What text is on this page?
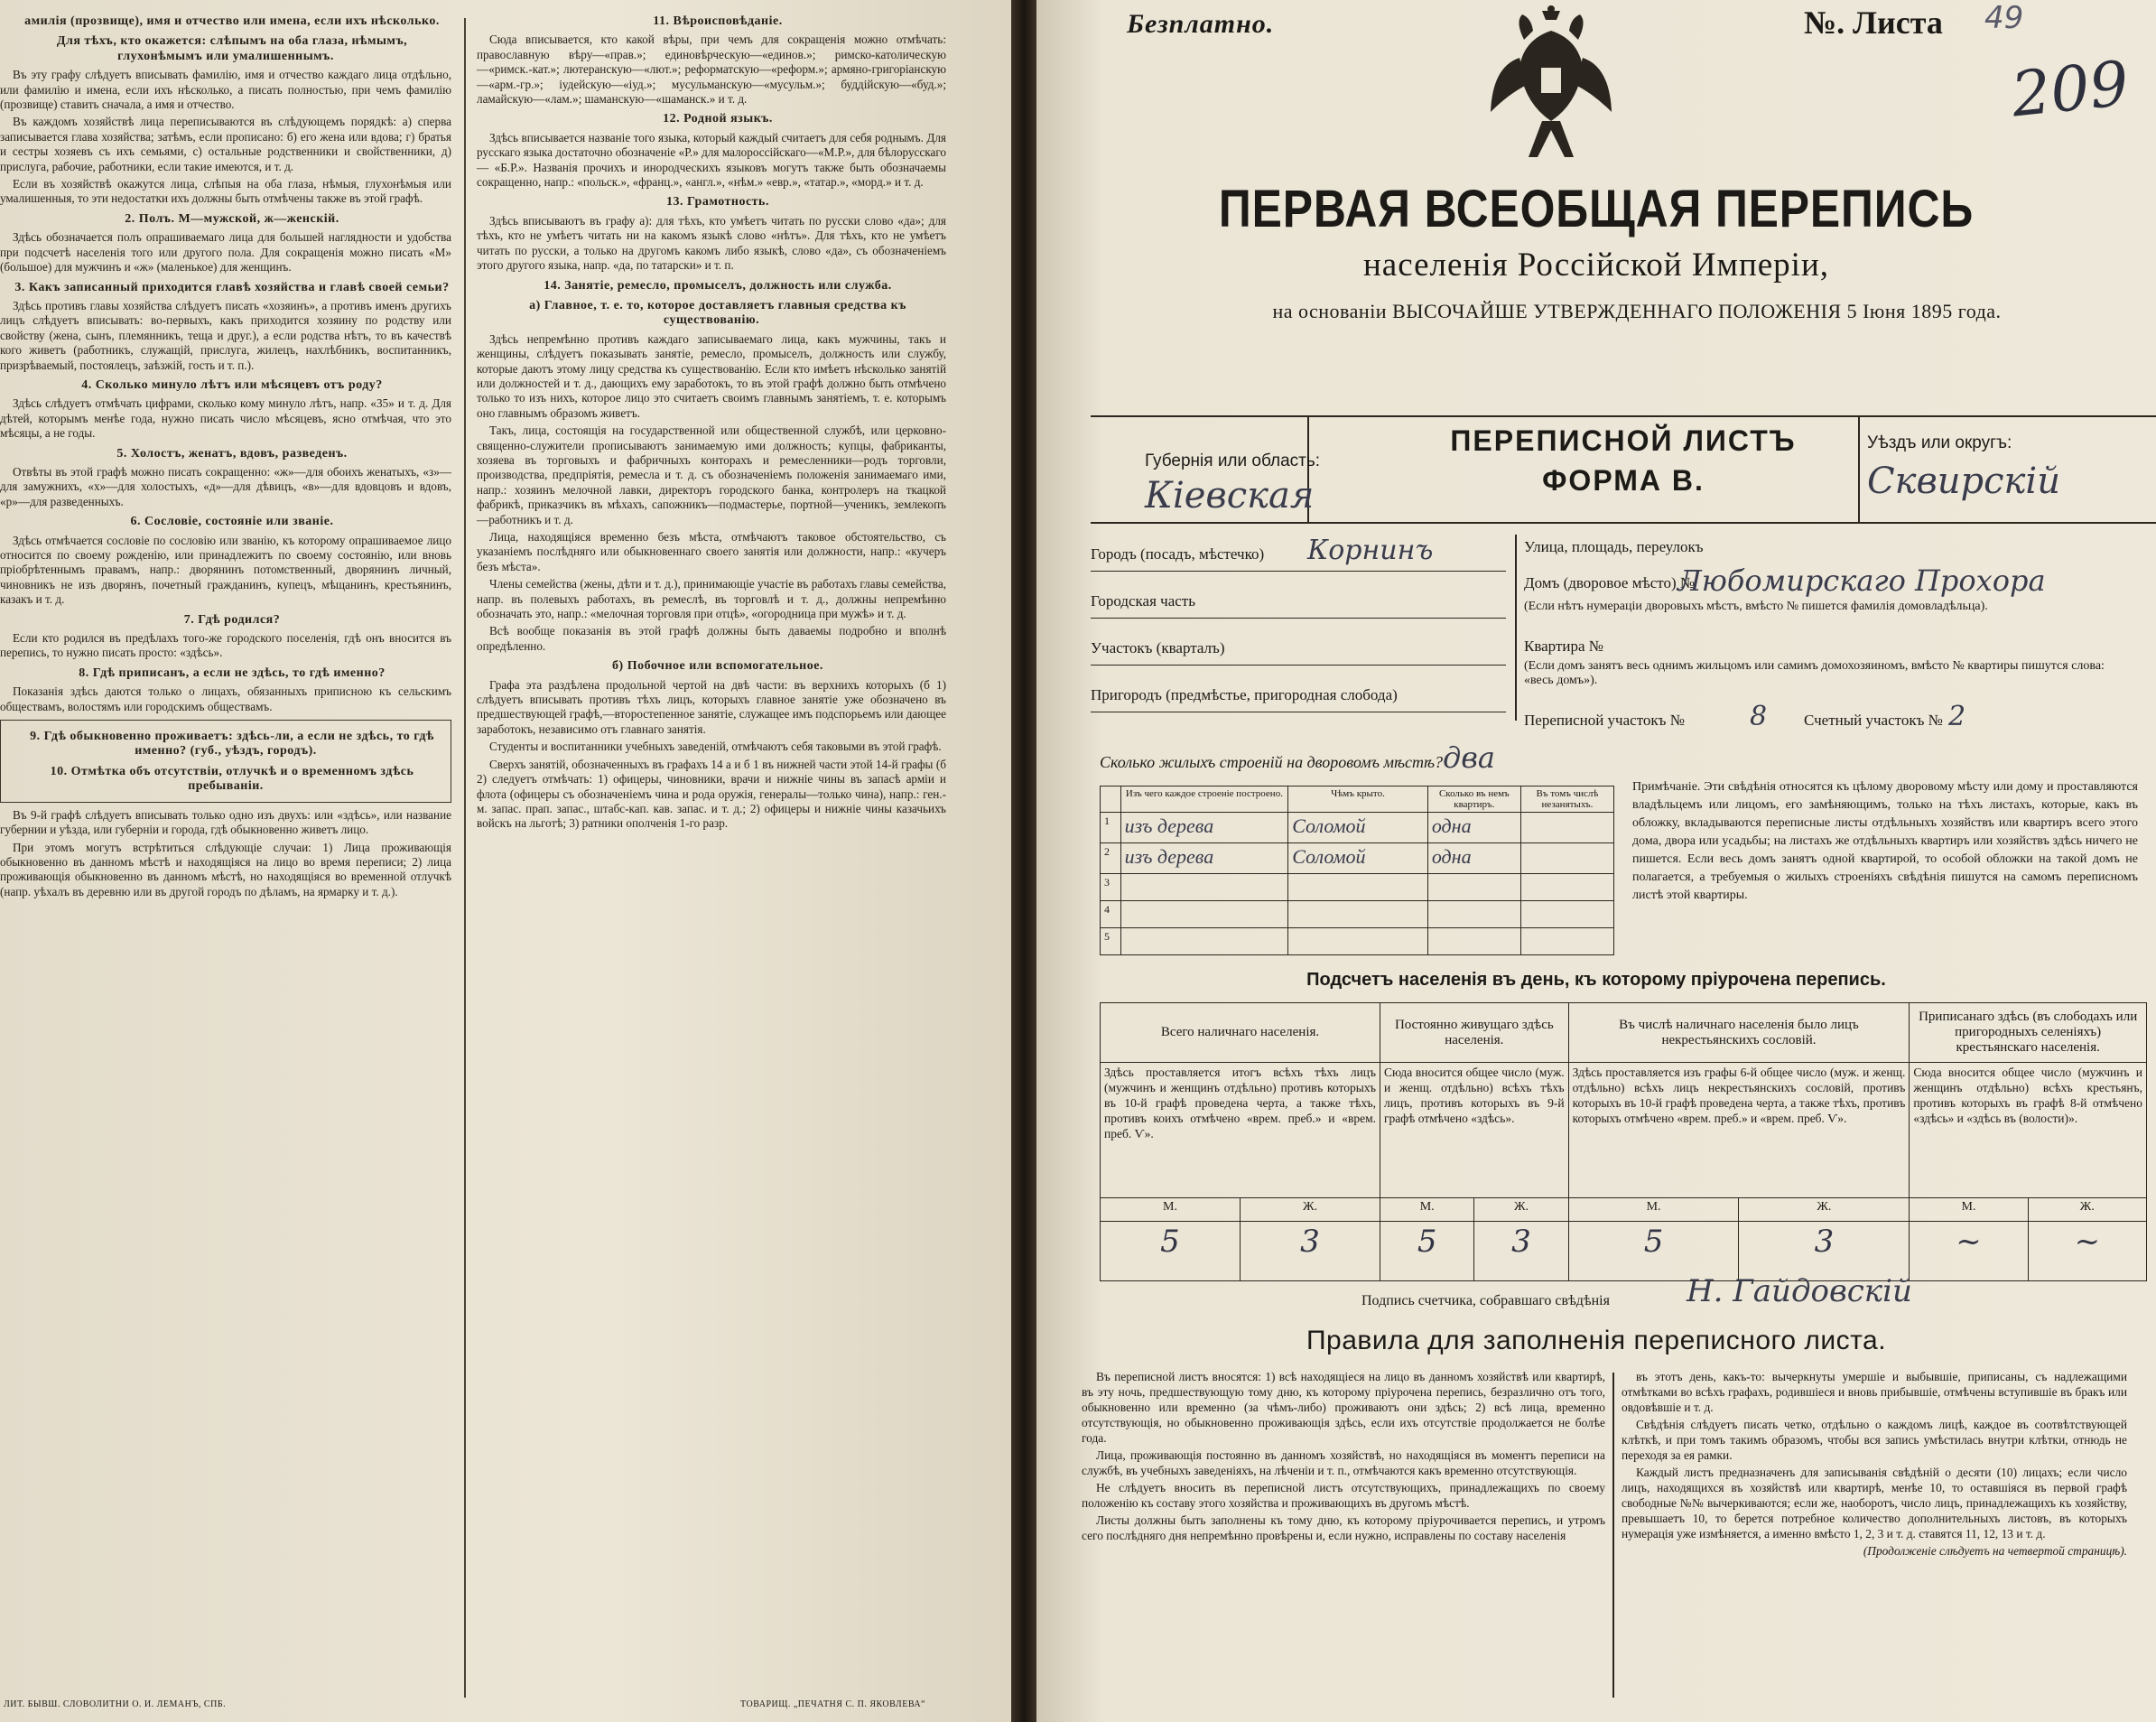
амилія (прозвище), имя и отчество или имена, если ихъ нѣсколько.

Для тѣхъ, кто окажется: слѣпымъ на оба глаза, нѣмымъ, глухонѣмымъ или умалишеннымъ.

Въ эту графу слѣдуетъ вписывать фамилію, имя и отчество каждаго лица отдѣльно, или фамилію и имена, если ихъ нѣсколько, а писать полностью, при чемъ фамилію (прозвище) ставить сначала, а имя и отчество.

Въ каждомъ хозяйствѣ лица переписываются въ слѣдующемъ порядкѣ: а) сперва записывается глава хозяйства; затѣмъ, если прописано: б) его жена или вдова; г) братья и сестры хозяевъ съ ихъ семьями, с) остальные родственники и свойственники, д) прислуга, рабочие, работники, если такие имеются, и т. д.

Если въ хозяйствѣ окажутся лица, слѣпыя на оба глаза, нѣмыя, глухонѣмыя или умалишенныя, то эти недостатки ихъ должны быть отмѣчены также въ этой графѣ.

2. Полъ. М—мужской, ж—женскій.

Здѣсь обозначается полъ опрашиваемаго лица для большей наглядности и удобства при подсчетѣ населенія того или другого пола. Для сокращенія можно писать «М» (большое) для мужчинъ и «ж» (маленькое) для женщинъ.

3. Какъ записанный приходится главѣ хозяйства и главѣ своей семьи?

Здѣсь противъ главы хозяйства слѣдуетъ писать «хозяинъ», а противъ именъ другихъ лицъ слѣдуетъ вписывать: во-первыхъ, какъ приходится хозяину по родству или свойству (жена, сынъ, племянникъ, теща и друг.), а если родства нѣтъ, то въ качествѣ кого живетъ (работникъ, служащій, прислуга, жилецъ, нахлѣбникъ, воспитанникъ, призрѣваемый, постоялецъ, заѣзжій, гость и т. п.).

4. Сколько минуло лѣтъ или мѣсяцевъ отъ роду?

Здѣсь слѣдуетъ отмѣчать цифрами, сколько кому минуло лѣтъ, напр. «35» и т. д. Для дѣтей, которымъ менѣе года, нужно писать число мѣсяцевъ, ясно отмѣчая, что это мѣсяцы, а не годы.

5. Холостъ, женатъ, вдовъ, разведенъ.

Отвѣты въ этой графѣ можно писать сокращенно: «ж»—для обоихъ женатыхъ, «з»—для замужнихъ, «х»—для холостыхъ, «д»—для дѣвицъ, «в»—для вдовцовъ и вдовъ, «р»—для разведенныхъ.

6. Сословіе, состояніе или званіе.

Здѣсь отмѣчается сословіе по сословію или званію, къ которому опрашиваемое лицо относится по своему рожденію, или принадлежитъ по своему состоянію, или вновь пріобрѣтеннымъ правамъ, напр.: дворянинъ потомственный, дворянинъ личный, чиновникъ не изъ дворянъ, почетный гражданинъ, купецъ, мѣщанинъ, крестьянинъ, казакъ и т. д.

7. Гдѣ родился?

Если кто родился въ предѣлахъ того-же городского поселенія, гдѣ онъ вносится въ перепись, то нужно писать просто: «здѣсь».

8. Гдѣ приписанъ, а если не здѣсь, то гдѣ именно?

Показанія здѣсь даются только о лицахъ, обязанныхъ приписною къ сельскимъ обществамъ, волостямъ или городскимъ обществамъ.

9. Гдѣ обыкновенно проживаетъ: здѣсь-ли, а если не здѣсь, то гдѣ именно? (губ., уѣздъ, городъ).

10. Отмѣтка объ отсутствіи, отлучкѣ и о временномъ здѣсь пребываніи.

Въ 9-й графѣ слѣдуетъ вписывать только одно изъ двухъ: или «здѣсь», или название губернии и уѣзда, или губерніи и города, гдѣ обыкновенно живетъ лицо.

При этомъ могутъ встрѣтиться слѣдующіе случаи: 1) Лица проживающія обыкновенно въ данномъ мѣстѣ и находящіяся на лицо во время переписи; 2) лица проживающія обыкновенно въ данномъ мѣстѣ, но находящіяся во временной отлучкѣ (напр. уѣхалъ въ деревню или въ другой городъ по дѣламъ, на ярмарку и т. д.).

11. Вѣроисповѣданіе.

Сюда вписывается, кто какой вѣры, при чемъ для сокращенія можно отмѣчать: православную вѣру—«прав.»; единовѣрческую—«единов.»; римско-католическую—«римск.-кат.»; лютеранскую—«лют.»; реформатскую—«реформ.»; армяно-григоріанскую—«арм.-гр.»; іудейскую—«іуд.»; мусульманскую—«мусульм.»; буддійскую—«буд.»; ламайскую—«лам.»; шаманскую—«шаманск.» и т. д.

12. Родной языкъ.

Здѣсь вписывается названіе того языка, который каждый считаетъ для себя роднымъ. Для русскаго языка достаточно обозначеніе «Р.» для малороссійскаго—«М.Р.», для бѣлорусскаго — «Б.Р.». Названія прочихъ и инородческихъ языковъ могутъ также быть обозначаемы сокращенно, напр.: «польск.», «франц.», «англ.», «нѣм.» «евр.», «татар.», «морд.» и т. д.

13. Грамотность.

Здѣсь вписываютъ въ графу а): для тѣхъ, кто умѣетъ читать по русски слово «да»; для тѣхъ, кто не умѣетъ читать ни на какомъ языкѣ слово «нѣтъ». Для тѣхъ, кто не умѣетъ читать по русски, а только на другомъ какомъ либо языкѣ, слово «да», съ обозначеніемъ этого другого языка, напр. «да, по татарски» и т. п.

14. Занятіе, ремесло, промыселъ, должность или служба.

а) Главное, т. е. то, которое доставляетъ главныя средства къ существованію.

Здѣсь непремѣнно противъ каждаго записываемаго лица, какъ мужчины, такъ и женщины, слѣдуетъ показывать занятіе, ремесло, промыселъ, должность или службу, которые даютъ этому лицу средства къ существованію. Если кто имѣетъ нѣсколько занятій или должностей и т. д., дающихъ ему заработокъ, то въ этой графѣ должно быть отмѣчено только то изъ нихъ, которое лицо это считаетъ своимъ главнымъ занятіемъ, т. е. которымъ оно главнымъ образомъ живетъ.

Такъ, лица, состоящія на государственной или общественной службѣ, или церковно-священно-служители прописываютъ занимаемую ими должность; купцы, фабриканты, хозяева въ торговыхъ и фабричныхъ конторахъ и ремесленники—родъ торговли, производства, предпріятія, ремесла и т. д. съ обозначеніемъ положенія занимаемаго ими, напр.: хозяинъ мелочной лавки, директоръ городского банка, контролеръ на ткацкой фабрикѣ, приказчикъ въ мѣхахъ, сапожникъ—подмастерье, портной—ученикъ, землекопъ—работникъ и т. д.

Лица, находящіяся временно безъ мѣста, отмѣчаютъ таковое обстоятельство, съ указаніемъ послѣдняго или обыкновеннаго своего занятія или должности, напр.: «кучеръ безъ мѣста».

Члены семейства (жены, дѣти и т. д.), принимающіе участіе въ работахъ главы семейства, напр. въ полевыхъ работахъ, въ ремеслѣ, въ торговлѣ и т. д., должны непремѣнно обозначать это, напр.: «мелочная торговля при отцѣ», «огородница при мужѣ» и т. д.

Всѣ вообще показанія въ этой графѣ должны быть даваемы подробно и вполнѣ опредѣленно.

б) Побочное или вспомогательное.

Графа эта раздѣлена продольной чертой на двѣ части: въ верхнихъ которыхъ (б 1) слѣдуетъ вписывать противъ тѣхъ лицъ, которыхъ главное занятіе уже обозначено въ предшествующей графѣ,—второстепенное занятіе, служащее имъ подспорьемъ или дающее заработокъ, независимо отъ главнаго занятія.

Студенты и воспитанники учебныхъ заведеній, отмѣчаютъ себя таковыми въ этой графѣ.

Сверхъ занятій, обозначенныхъ въ графахъ 14 а и б 1 въ нижней части этой 14-й графы (б 2) следуетъ отмѣчать: 1) офицеры, чиновники, врачи и нижніе чины въ запасѣ арміи и флота (офицеры съ обозначеніемъ чина и рода оружія, генералы—только чина), напр.: ген.-м. запас. прап. запас., штабс-кап. кав. запас. и т. д.; 2) офицеры и нижніе чины казачьихъ войскъ на льготѣ; 3) ратники ополченія 1-го разр.

ЛИТ. БЫВШ. СЛОВОЛИТНИ О. И. ЛЕМАНЪ, СПБ.	ТОВАРИЩ. „ПЕЧАТНЯ С. П. ЯКОВЛЕВА“
Безплатно.	№. Листа 49
209
ПЕРВАЯ ВСЕОБЩАЯ ПЕРЕПИСЬ
населенія Россійской Имперіи,
на основаніи ВЫСОЧАЙШЕ УТВЕРЖДЕННАГО ПОЛОЖЕНІЯ 5 Іюня 1895 года.
Губернія или область:
Кіевская
ПЕРЕПИСНОЙ ЛИСТЪ
ФОРМА В.
Уѣздъ или округъ:
Сквирскій
Городъ (посадъ, мѣстечко) Корнинъ
Городская часть
Участокъ (кварталъ)
Пригородъ (предмѣстье, пригородная слобода)
Улица, площадь, переулокъ
Домъ (дворовое мѣсто) №
Любомирскаго Прохора
(Если нѣтъ нумераціи дворовыхъ мѣстъ, вмѣсто № пишется фамилія домовладѣльца).
Квартира №
(Если домъ занятъ весь однимъ жильцомъ или самимъ домохозяиномъ, вмѣсто № квартиры пишутся слова: «весь домъ»).
Переписной участокъ № 8 Счетный участокъ № 2
Сколько жилыхъ строеній на дворовомъ мѣстѣ? два
	Изъ чего каждое строеніе построено.	Чѣмъ крыто.	Сколько въ немъ квартиръ.	Въ томъ числѣ незанятыхъ.
1	изъ дерева	Соломой	одна	
2	изъ дерева	Соломой	одна	
3				
4				
5				
Примѣчаніе. Эти свѣдѣнія относятся къ цѣлому дворовому мѣсту или дому и проставляются владѣльцемъ или лицомъ, его замѣняющимъ, только на тѣхъ листахъ, которые, какъ въ обложку, вкладываются переписные листы отдѣльныхъ хозяйствъ или квартиръ всего этого дома, двора или усадьбы; на листахъ же отдѣльныхъ квартиръ или хозяйствъ здѣсь ничего не пишется. Если весь домъ занятъ одной квартирой, то особой обложки на такой домъ не полагается, а требуемыя о жилыхъ строеніяхъ свѣдѣнія пишутся на самомъ переписномъ листѣ этой квартиры.
Подсчетъ населенія въ день, къ которому пріурочена перепись.
Всего наличнаго населенія.		Постоянно живущаго здѣсь населенія.		Въ числѣ наличнаго населенія было лицъ некрестьянскихъ сословій.		Приписанаго здѣсь (въ слободахъ или пригородныхъ селеніяхъ) крестьянскаго населенія.	
Здѣсь проставляется итогъ всѣхъ тѣхъ лицъ (мужчинъ и женщинъ отдѣльно) противъ которыхъ въ 10-й графѣ проведена черта, а также тѣхъ, противъ коихъ отмѣчено «врем. преб.» и «врем. преб. Ѵ».		Сюда вносится общее число (муж. и женщ. отдѣльно) всѣхъ тѣхъ лицъ, противъ которыхъ въ 9-й графѣ отмѣчено «здѣсь».		Здѣсь проставляется изъ графы 6-й общее число (муж. и женщ. отдѣльно) всѣхъ лицъ некрестьянскихъ сословій, противъ которыхъ въ 10-й графѣ проведена черта, а также тѣхъ, противъ которыхъ отмѣчено «врем. преб.» и «врем. преб. Ѵ».		Сюда вносится общее число (мужчинъ и женщинъ отдѣльно) всѣхъ крестьянъ, противъ которыхъ въ графѣ 8-й отмѣчено «здѣсь» и «здѣсь въ (волости)».	
М.	Ж.	М.	Ж.	М.	Ж.	М.	Ж.
5	3	5	3	5	3	~	~
Подпись счетчика, собравшаго свѣдѣнія	Н. Гайдовскій
Правила для заполненія переписного листа.

Въ переписной листъ вносятся: 1) всѣ находящіеся на лицо въ данномъ хозяйствѣ или квартирѣ, въ эту ночь, предшествующую тому дню, къ которому пріурочена перепись, безразлично отъ того, обыкновенно или временно (за чѣмъ-либо) проживаютъ они здѣсь; 2) всѣ лица, временно отсутствующія, но обыкновенно проживающія здѣсь, если ихъ отсутствіе продолжается не болѣе года.

Лица, проживающія постоянно въ данномъ хозяйствѣ, но находящіяся въ моментъ переписи на службѣ, въ учебныхъ заведеніяхъ, на лѣченіи и т. п., отмѣчаются какъ временно отсутствующія.

Не слѣдуетъ вносить въ переписной листъ отсутствующихъ, принадлежащихъ по своему положенію къ составу этого хозяйства и проживающихъ въ другомъ мѣстѣ.

Листы должны быть заполнены къ тому дню, къ которому пріурочивается перепись, и утромъ сего послѣдняго дня непремѣнно провѣрены и, если нужно, исправлены по составу населенія

въ этотъ день, какъ-то: вычеркнуты умершіе и выбывшіе, приписаны, съ надлежащими отмѣтками во всѣхъ графахъ, родившіеся и вновь прибывшіе, отмѣчены вступившіе въ бракъ или овдовѣвшіе и т. д.

Свѣдѣнія слѣдуетъ писать четко, отдѣльно о каждомъ лицѣ, каждое въ соотвѣтствующей клѣткѣ, и при томъ такимъ образомъ, чтобы вся запись умѣстилась внутри клѣтки, отнюдь не переходя за ея рамки.

Каждый листъ предназначенъ для записыванія свѣдѣній о десяти (10) лицахъ; если число лицъ, находящихся въ хозяйствѣ или квартирѣ, менѣе 10, то оставшіяся въ первой графѣ свободные №№ вычеркиваются; если же, наоборотъ, число лицъ, принадлежащихъ къ хозяйству, превышаетъ 10, то берется потребное количество дополнительныхъ листовъ, въ которыхъ нумерація уже измѣняется, а именно вмѣсто 1, 2, 3 и т. д. ставятся 11, 12, 13 и т. д.

(Продолженіе слѣдуетъ на четвертой страницѣ).
